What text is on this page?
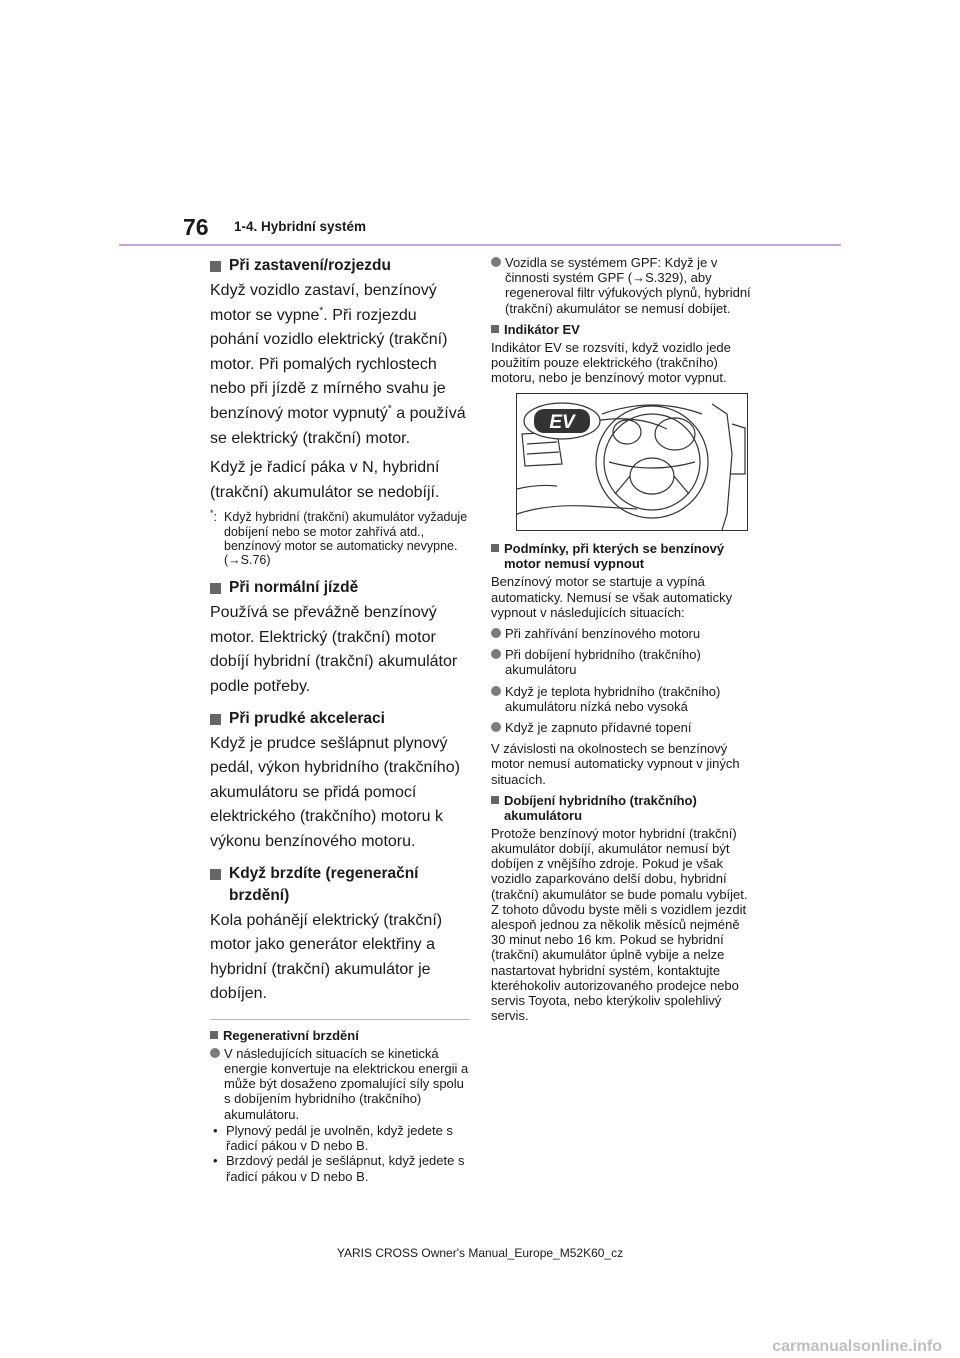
76 1-4. Hybridní systém
Při zastavení/rozjezdu

Když vozidlo zastaví, benzínový motor se vypne*. Při rozjezdu pohání vozidlo elektrický (trakční) motor. Při pomalých rychlostech nebo při jízdě z mírného svahu je benzínový motor vypnutý* a používá se elektrický (trakční) motor.

Když je řadicí páka v N, hybridní (trakční) akumulátor se nedobíjí.

*: Když hybridní (trakční) akumulátor vyžaduje dobíjení nebo se motor zahřívá atd., benzínový motor se automaticky nevypne. (→S.76)
Při normální jízdě

Používá se převážně benzínový motor. Elektrický (trakční) motor dobíjí hybridní (trakční) akumulátor podle potřeby.

Při prudké akceleraci

Když je prudce sešlápnut plynový pedál, výkon hybridního (trakčního) akumulátoru se přidá pomocí elektrického (trakčního) motoru k výkonu benzínového motoru.

Když brzdíte (regenerační brzdění)

Kola pohánějí elektrický (trakční) motor jako generátor elektřiny a hybridní (trakční) akumulátor je dobíjen.

Regenerativní brzdění
V následujících situacích se kinetická energie konvertuje na elektrickou energii a může být dosaženo zpomalující síly spolu s dobíjením hybridního (trakčního) akumulátoru.
• Plynový pedál je uvolněn, když jedete s řadicí pákou v D nebo B.
• Brzdový pedál je sešlápnut, když jedete s řadicí pákou v D nebo B.
Vozidla se systémem GPF: Když je v činnosti systém GPF (→S.329), aby regeneroval filtr výfukových plynů, hybridní (trakční) akumulátor se nemusí dobíjet.
Indikátor EV

Indikátor EV se rozsvítí, když vozidlo jede použitím pouze elektrického (trakčního) motoru, nebo je benzínový motor vypnut.

EV
Podmínky, při kterých se benzínový motor nemusí vypnout

Benzínový motor se startuje a vypíná automaticky. Nemusí se však automaticky vypnout v následujících situacích:

Při zahřívání benzínového motoru
Při dobíjení hybridního (trakčního) akumulátoru
Když je teplota hybridního (trakčního) akumulátoru nízká nebo vysoká
Když je zapnuto přídavné topení

V závislosti na okolnostech se benzínový motor nemusí automaticky vypnout v jiných situacích.

Dobíjení hybridního (trakčního) akumulátoru

Protože benzínový motor hybridní (trakční) akumulátor dobíjí, akumulátor nemusí být dobíjen z vnějšího zdroje. Pokud je však vozidlo zaparkováno delší dobu, hybridní (trakční) akumulátor se bude pomalu vybíjet. Z tohoto důvodu byste měli s vozidlem jezdit alespoň jednou za několik měsíců nejméně 30 minut nebo 16 km. Pokud se hybridní (trakční) akumulátor úplně vybije a nelze nastartovat hybridní systém, kontaktujte kteréhokoliv autorizovaného prodejce nebo servis Toyota, nebo kterýkoliv spolehlivý servis.

YARIS CROSS Owner's Manual_Europe_M52K60_cz
carmanualsonline.info
